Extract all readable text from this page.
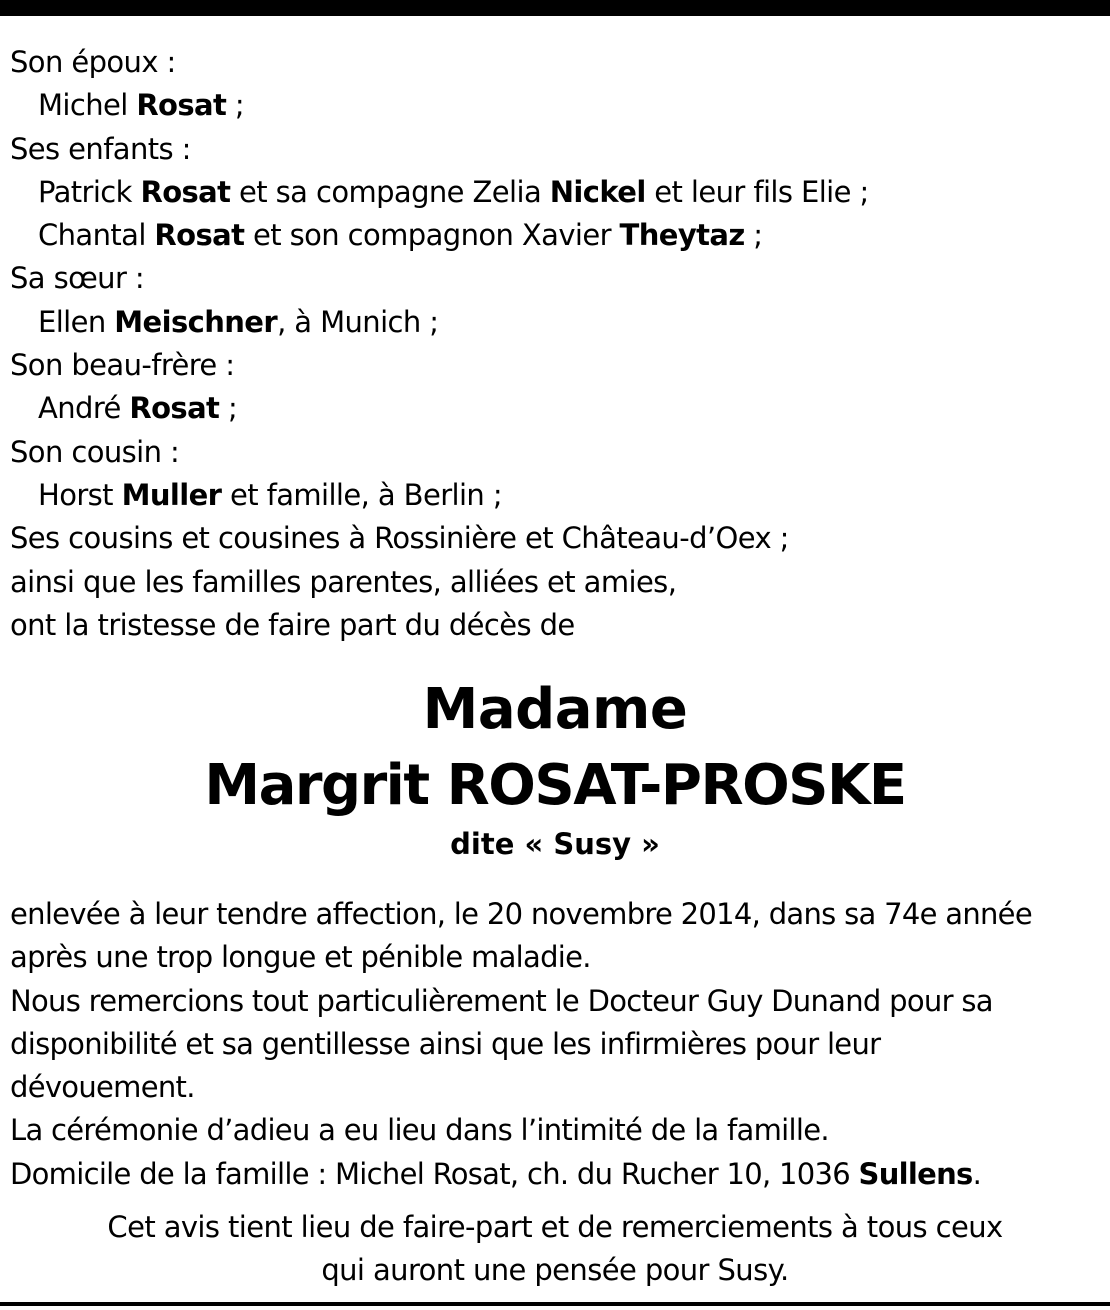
Son époux :
Michel Rosat ;
Ses enfants :
Patrick Rosat et sa compagne Zelia Nickel et leur fils Elie ;
Chantal Rosat et son compagnon Xavier Theytaz ;
Sa sœur :
Ellen Meischner, à Munich ;
Son beau-frère :
André Rosat ;
Son cousin :
Horst Muller et famille, à Berlin ;
Ses cousins et cousines à Rossinière et Château-d’Oex ;
ainsi que les familles parentes, alliées et amies,
ont la tristesse de faire part du décès de
Madame
Margrit ROSAT-PROSKE
dite « Susy »
enlevée à leur tendre affection, le 20 novembre 2014, dans sa 74e année
après une trop longue et pénible maladie.
Nous remercions tout particulièrement le Docteur Guy Dunand pour sa
disponibilité et sa gentillesse ainsi que les infirmières pour leur
dévouement.
La cérémonie d’adieu a eu lieu dans l’intimité de la famille.
Domicile de la famille : Michel Rosat, ch. du Rucher 10, 1036 Sullens.
Cet avis tient lieu de faire-part et de remerciements à tous ceux
qui auront une pensée pour Susy.
